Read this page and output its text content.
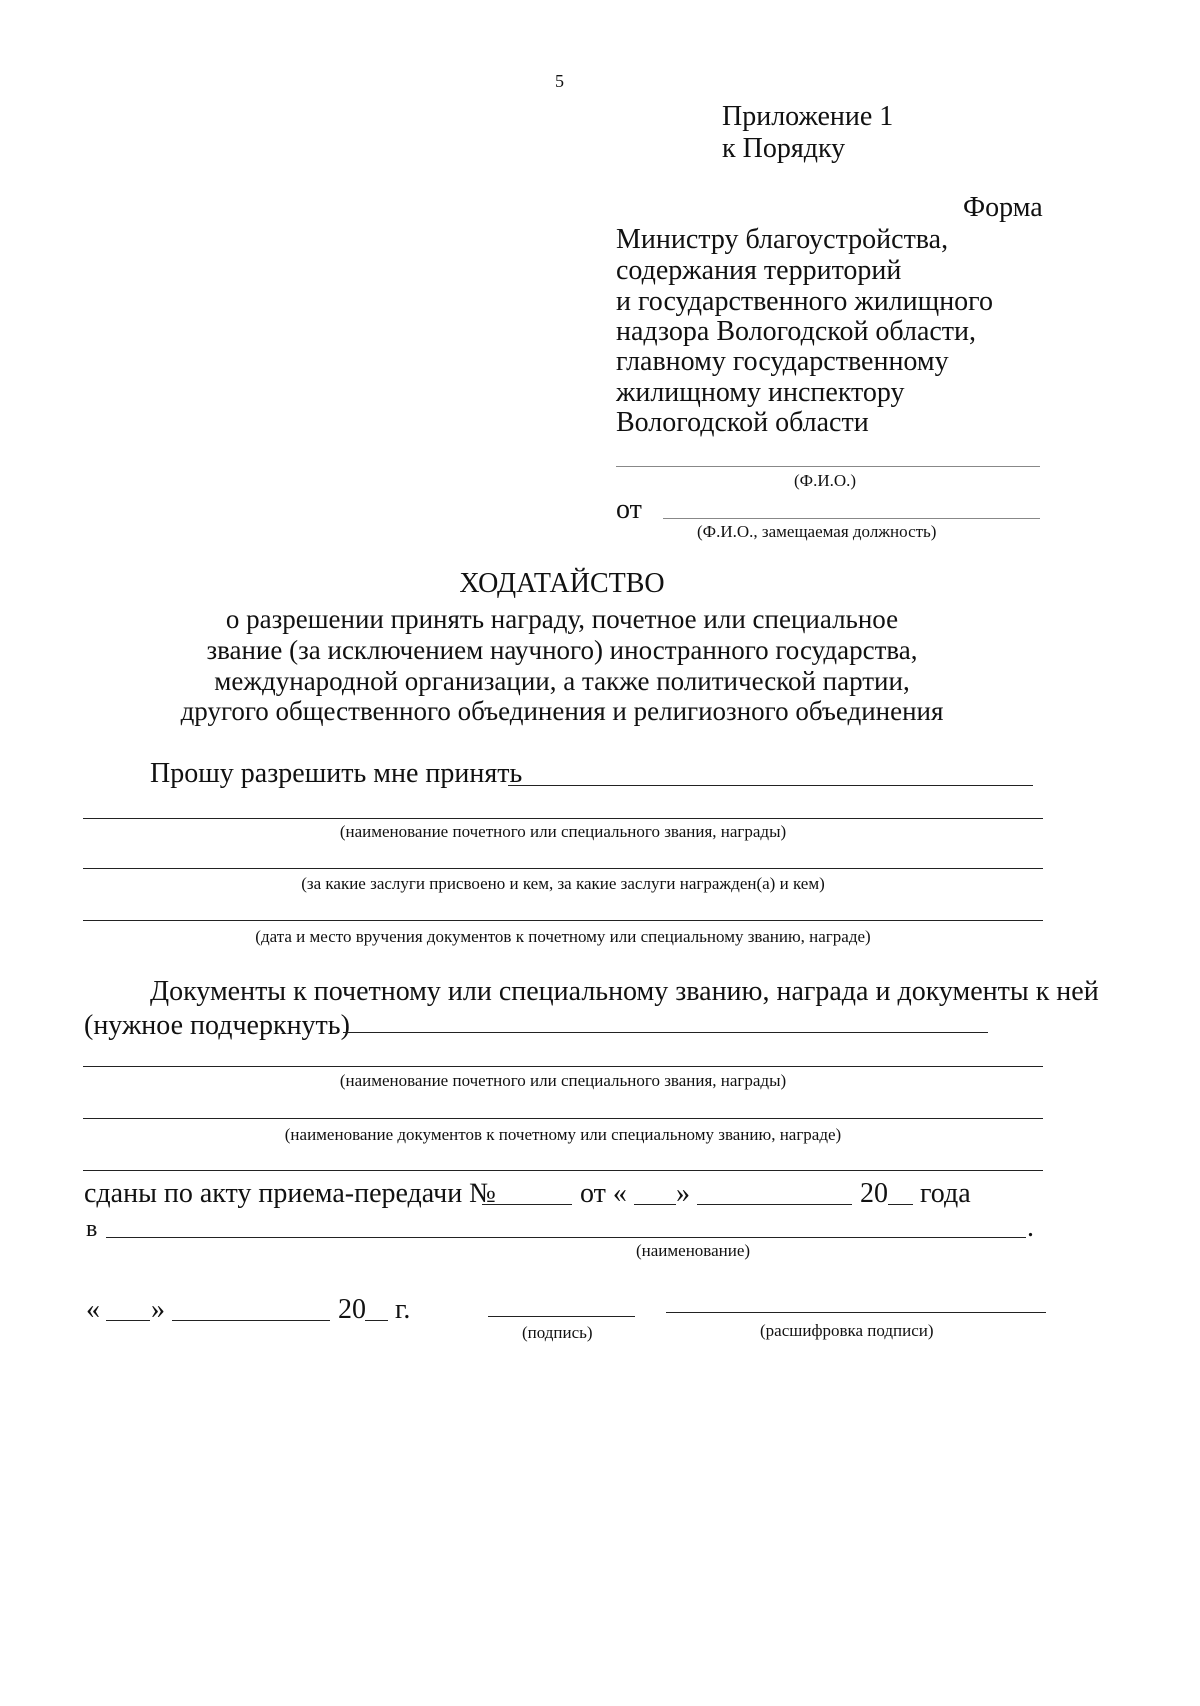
5
Приложение 1
к Порядку
Форма
Министру благоустройства,
содержания территорий
и государственного жилищного
надзора Вологодской области,
главному государственному
жилищному инспектору
Вологодской области
(Ф.И.О.)
от
(Ф.И.О., замещаемая должность)
ХОДАТАЙСТВО
о разрешении принять награду, почетное или специальное
звание (за исключением научного) иностранного государства,
международной организации, а также политической партии,
другого общественного объединения и религиозного объединения
Прошу разрешить мне принять
(наименование почетного или специального звания, награды)
(за какие заслуги присвоено и кем, за какие заслуги награжден(а) и кем)
(дата и место вручения документов к почетному или специальному званию, награде)
Документы к почетному или специальному званию, награда и документы к ней
(нужное подчеркнуть)
(наименование почетного или специального звания, награды)
(наименование документов к почетному или специальному званию, награде)
сданы по акту приема-передачи №	от « »	20 года
в	.
(наименование)
« »	20 г.
(подпись)	(расшифровка подписи)
